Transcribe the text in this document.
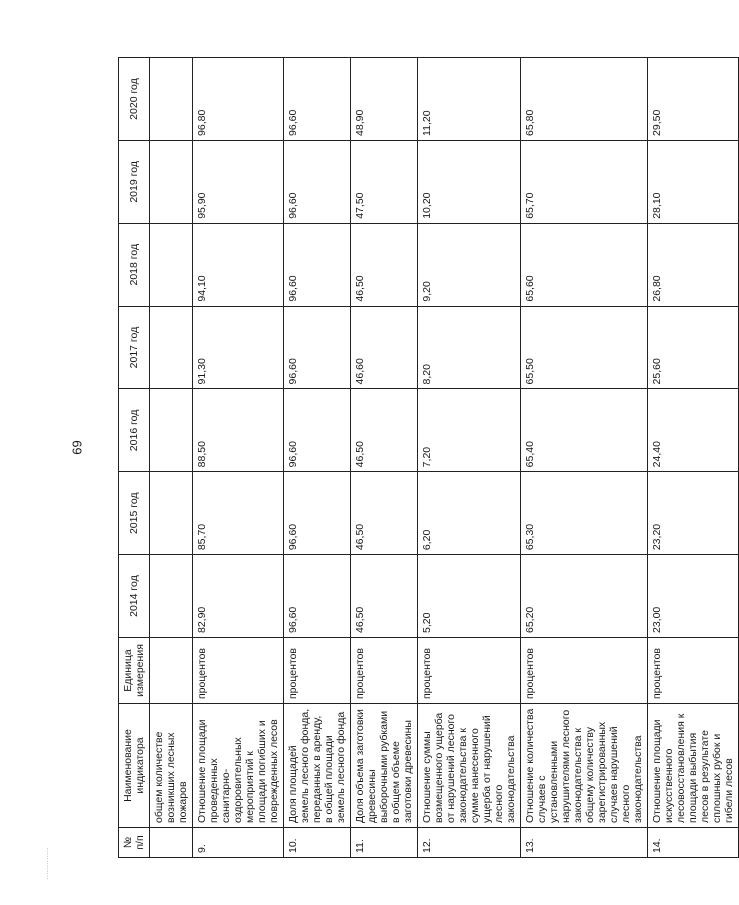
69
.............
№ п/п	Наименование индикатора	Единица измерения	2014 год	2015 год	2016 год	2017 год	2018 год	2019 год	2020 год
	общем количестве возникших лесных пожаров								
9.	Отношение площади проведенных санитарно-оздоровительных мероприятий к площади погибших и поврежденных лесов	процентов	82,90	85,70	88,50	91,30	94,10	95,90	96,80
10.	Доля площадей земель лесного фонда, переданных в аренду, в общей площади земель лесного фонда	процентов	96,60	96,60	96,60	96,60	96,60	96,60	96,60
11.	Доля объема заготовки древесины выборочными рубками в общем объеме заготовки древесины	процентов	46,50	46,50	46,50	46,60	46,50	47,50	48,90
12.	Отношение суммы возмещенного ущерба от нарушений лесного законодательства к сумме нанесенного ущерба от нарушений лесного законодательства	процентов	5,20	6,20	7,20	8,20	9,20	10,20	11,20
13.	Отношение количества случаев с установленными нарушителями лесного законодательства к общему количеству зарегистрированных случаев нарушений лесного законодательства	процентов	65,20	65,30	65,40	65,50	65,60	65,70	65,80
14.	Отношение площади искусственного лесовосстановления к площади выбытия лесов в результате сплошных рубок и гибели лесов	процентов	23,00	23,20	24,40	25,60	26,80	28,10	29,50
